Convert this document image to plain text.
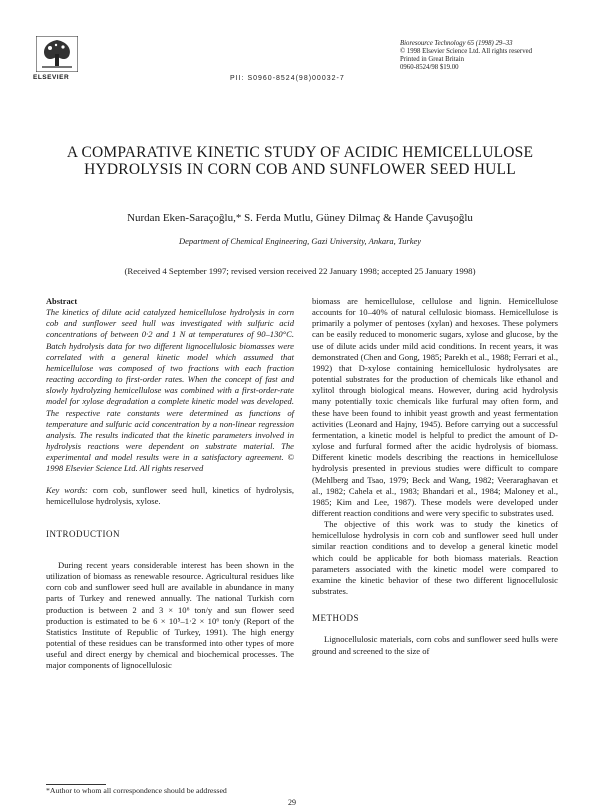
ELSEVIER
Bioresource Technology 65 (1998) 29–33
© 1998 Elsevier Science Ltd. All rights reserved
Printed in Great Britain
0960-8524/98 $19.00
PII: S0960-8524(98)00032-7
A COMPARATIVE KINETIC STUDY OF ACIDIC HEMICELLULOSE HYDROLYSIS IN CORN COB AND SUNFLOWER SEED HULL
Nurdan Eken-Saraçoğlu,* S. Ferda Mutlu, Güney Dilmaç & Hande Çavuşoğlu
Department of Chemical Engineering, Gazi University, Ankara, Turkey
(Received 4 September 1997; revised version received 22 January 1998; accepted 25 January 1998)
Abstract

The kinetics of dilute acid catalyzed hemicellulose hydrolysis in corn cob and sunflower seed hull was investigated with sulfuric acid concentrations of between 0·2 and 1 N at temperatures of 90–130°C. Batch hydrolysis data for two different lignocellulosic biomasses were correlated with a general kinetic model which assumed that hemicellulose was composed of two fractions with each fraction reacting according to first-order rates. When the concept of fast and slowly hydrolyzing hemicellulose was combined with a first-order-rate model for xylose degradation a complete kinetic model was developed. The respective rate constants were determined as functions of temperature and sulfuric acid concentration by a non-linear regression analysis. The results indicated that the kinetic parameters involved in hydrolysis reactions were dependent on substrate material. The experimental and model results were in a satisfactory agreement. © 1998 Elsevier Science Ltd. All rights reserved

Key words: corn cob, sunflower seed hull, kinetics of hydrolysis, hemicellulose hydrolysis, xylose.

INTRODUCTION

During recent years considerable interest has been shown in the utilization of biomass as renewable resource. Agricultural residues like corn cob and sunflower seed hull are available in abundance in many parts of Turkey and renewed annually. The national Turkish corn production is between 2 and 3 × 10⁶ ton/y and sun flower seed production is estimated to be 6 × 10⁵–1·2 × 10⁶ ton/y (Report of the Statistics Institute of Republic of Turkey, 1991). The high energy potential of these residues can be transformed into other types of more useful and direct energy by chemical and biochemical processes. The major components of lignocellulosic

biomass are hemicellulose, cellulose and lignin. Hemicellulose accounts for 10–40% of natural cellulosic biomass. Hemicellulose is primarily a polymer of pentoses (xylan) and hexoses. These polymers can be easily reduced to monomeric sugars, xylose and glucose, by the use of dilute acids under mild acid conditions. In recent years, it was demonstrated (Chen and Gong, 1985; Parekh et al., 1988; Ferrari et al., 1992) that D-xylose containing hemicellulosic hydrolysates are potential substrates for the production of chemicals like ethanol and xylitol through biological means. However, during acid hydrolysis many potentially toxic chemicals like furfural may often form, and these have been found to inhibit yeast growth and yeast fermentation activities (Leonard and Hajny, 1945). Before carrying out a successful fermentation, a kinetic model is helpful to predict the amount of D-xylose and furfural formed after the acidic hydrolysis of biomass. Different kinetic models describing the reactions in hemicellulose hydrolysis presented in previous studies were difficult to compare (Mehlberg and Tsao, 1979; Beck and Wang, 1982; Veeraraghavan et al., 1982; Cahela et al., 1983; Bhandari et al., 1984; Maloney et al., 1985; Kim and Lee, 1987). These models were developed under different reaction conditions and were very specific to substrates used.

The objective of this work was to study the kinetics of hemicellulose hydrolysis in corn cob and sunflower seed hull under similar reaction conditions and to develop a general kinetic model which could be applicable for both biomass materials. Reaction parameters associated with the kinetic model were compared to examine the kinetic behavior of these two different lignocellulosic substrates.

METHODS

Lignocellulosic materials, corn cobs and sunflower seed hulls were ground and screened to the size of

*Author to whom all correspondence should be addressed
29
